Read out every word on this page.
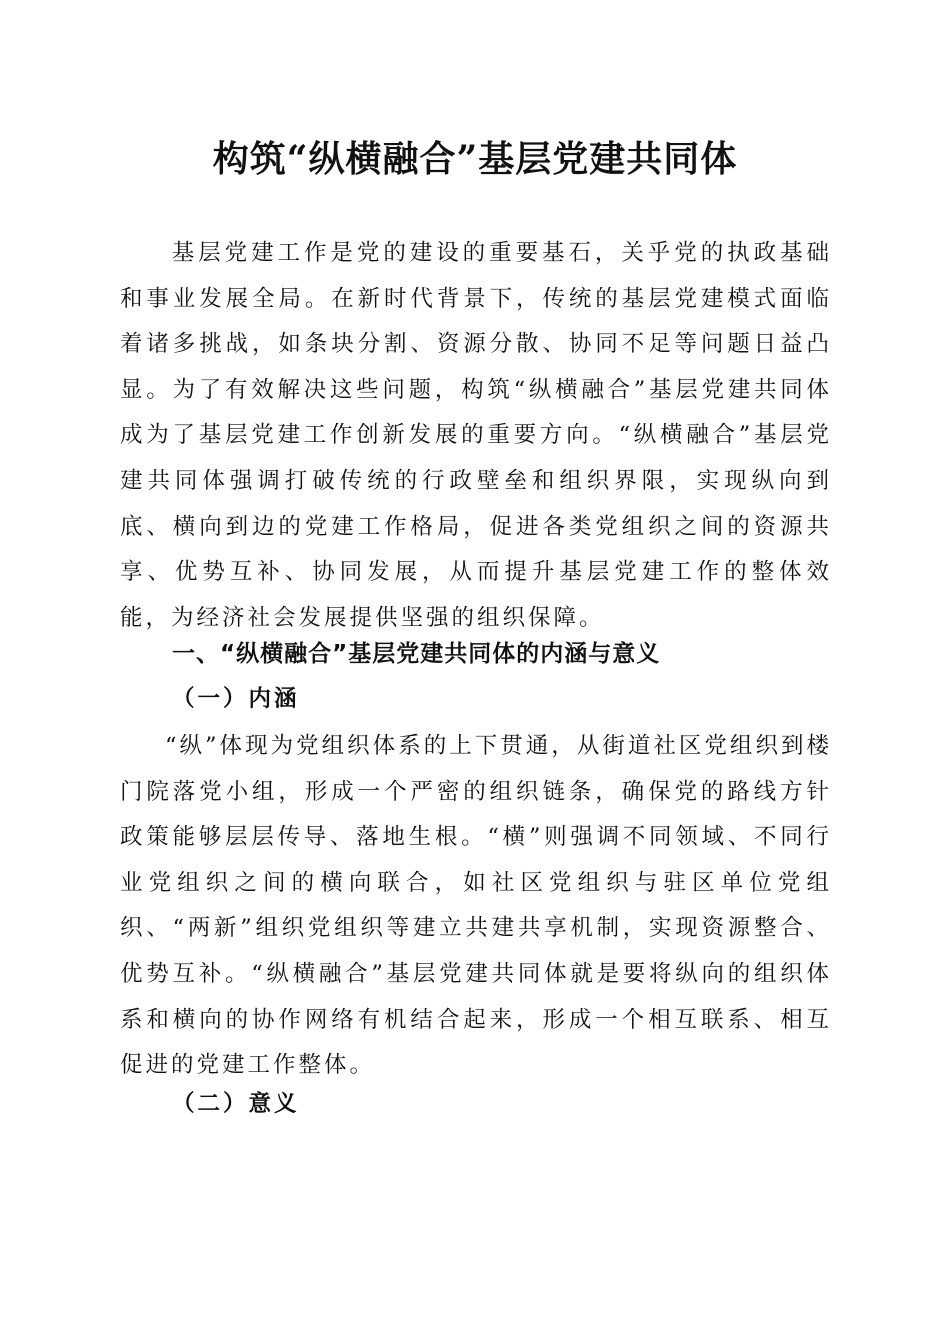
构筑“纵横融合”基层党建共同体

基层党建工作是党的建设的重要基石，关乎党的执政基础和事业发展全局。在新时代背景下，传统的基层党建模式面临着诸多挑战，如条块分割、资源分散、协同不足等问题日益凸显。为了有效解决这些问题，构筑“纵横融合”基层党建共同体成为了基层党建工作创新发展的重要方向。“纵横融合”基层党建共同体强调打破传统的行政壁垒和组织界限，实现纵向到底、横向到边的党建工作格局，促进各类党组织之间的资源共享、优势互补、协同发展，从而提升基层党建工作的整体效能，为经济社会发展提供坚强的组织保障。

一、“纵横融合”基层党建共同体的内涵与意义
（一）内涵

“纵”体现为党组织体系的上下贯通，从街道社区党组织到楼门院落党小组，形成一个严密的组织链条，确保党的路线方针政策能够层层传导、落地生根。“横”则强调不同领域、不同行业党组织之间的横向联合，如社区党组织与驻区单位党组织、“两新”组织党组织等建立共建共享机制，实现资源整合、优势互补。“纵横融合”基层党建共同体就是要将纵向的组织体系和横向的协作网络有机结合起来，形成一个相互联系、相互促进的党建工作整体。

（二）意义
